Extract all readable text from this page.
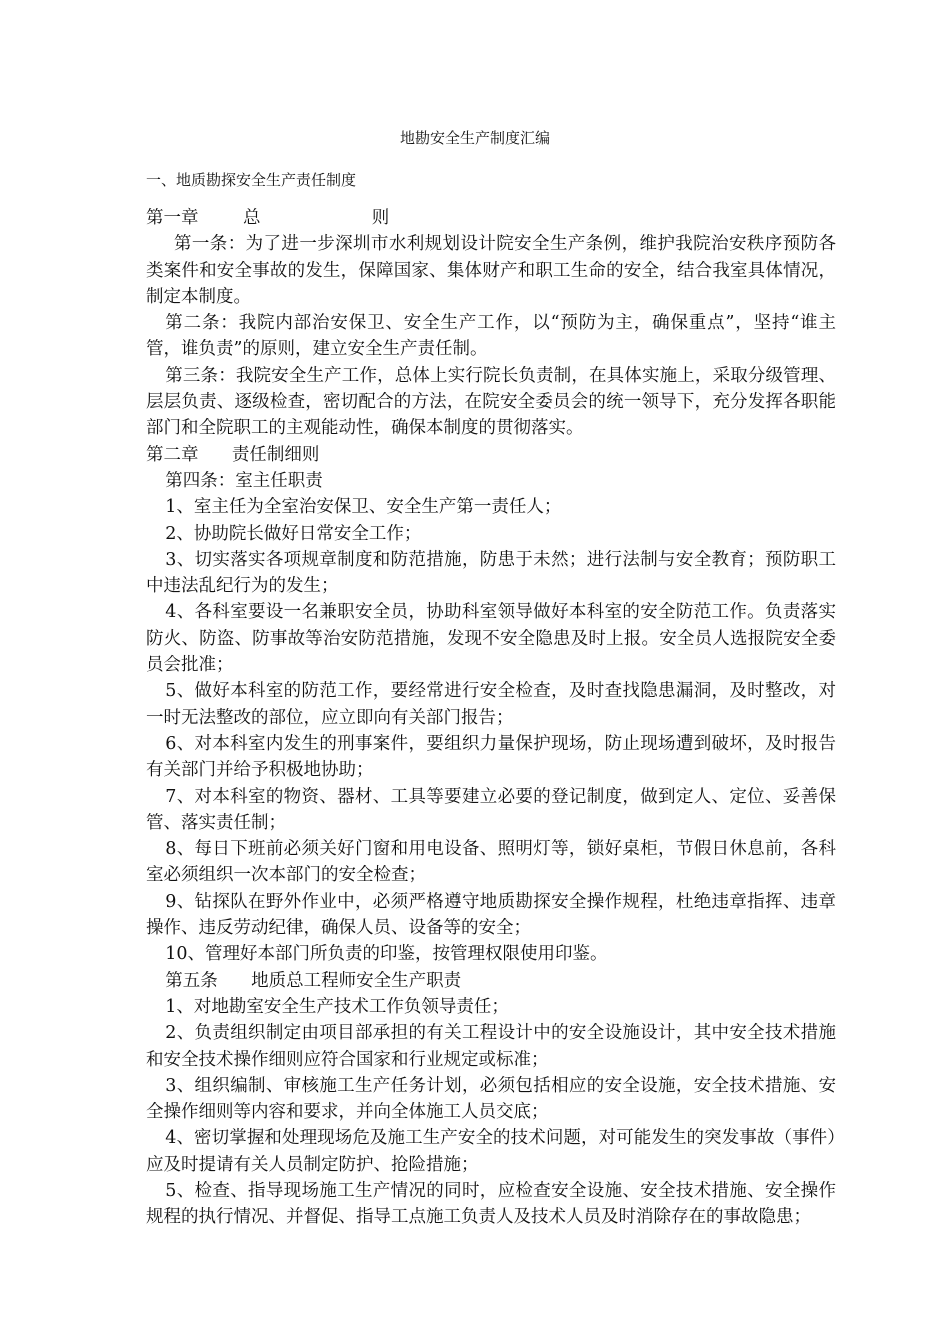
地勘安全生产制度汇编
一、地质勘探安全生产责任制度

第一章        总                    则

第一条：为了进一步深圳市水利规划设计院安全生产条例，维护我院治安秩序预防各类案件和安全事故的发生，保障国家、集体财产和职工生命的安全，结合我室具体情况，制定本制度。

第二条：我院内部治安保卫、安全生产工作，以“预防为主，确保重点”，坚持“谁主管，谁负责”的原则，建立安全生产责任制。

第三条：我院安全生产工作，总体上实行院长负责制，在具体实施上，采取分级管理、层层负责、逐级检查，密切配合的方法，在院安全委员会的统一领导下，充分发挥各职能部门和全院职工的主观能动性，确保本制度的贯彻落实。

第二章      责任制细则

第四条：室主任职责

1、室主任为全室治安保卫、安全生产第一责任人；

2、协助院长做好日常安全工作；

3、切实落实各项规章制度和防范措施，防患于未然；进行法制与安全教育；预防职工中违法乱纪行为的发生；

4、各科室要设一名兼职安全员，协助科室领导做好本科室的安全防范工作。负责落实防火、防盗、防事故等治安防范措施，发现不安全隐患及时上报。安全员人选报院安全委员会批准；

5、做好本科室的防范工作，要经常进行安全检查，及时查找隐患漏洞，及时整改，对一时无法整改的部位，应立即向有关部门报告；

6、对本科室内发生的刑事案件，要组织力量保护现场，防止现场遭到破坏，及时报告有关部门并给予积极地协助；

7、对本科室的物资、器材、工具等要建立必要的登记制度，做到定人、定位、妥善保管、落实责任制；

8、每日下班前必须关好门窗和用电设备、照明灯等，锁好桌柜，节假日休息前，各科室必须组织一次本部门的安全检查；

9、钻探队在野外作业中，必须严格遵守地质勘探安全操作规程，杜绝违章指挥、违章操作、违反劳动纪律，确保人员、设备等的安全；

10、管理好本部门所负责的印鉴，按管理权限使用印鉴。

第五条      地质总工程师安全生产职责

1、对地勘室安全生产技术工作负领导责任；

2、负责组织制定由项目部承担的有关工程设计中的安全设施设计，其中安全技术措施和安全技术操作细则应符合国家和行业规定或标准；

3、组织编制、审核施工生产任务计划，必须包括相应的安全设施，安全技术措施、安全操作细则等内容和要求，并向全体施工人员交底；

4、密切掌握和处理现场危及施工生产安全的技术问题，对可能发生的突发事故（事件）应及时提请有关人员制定防护、抢险措施；

5、检查、指导现场施工生产情况的同时，应检查安全设施、安全技术措施、安全操作规程的执行情况、并督促、指导工点施工负责人及技术人员及时消除存在的事故隐患；
